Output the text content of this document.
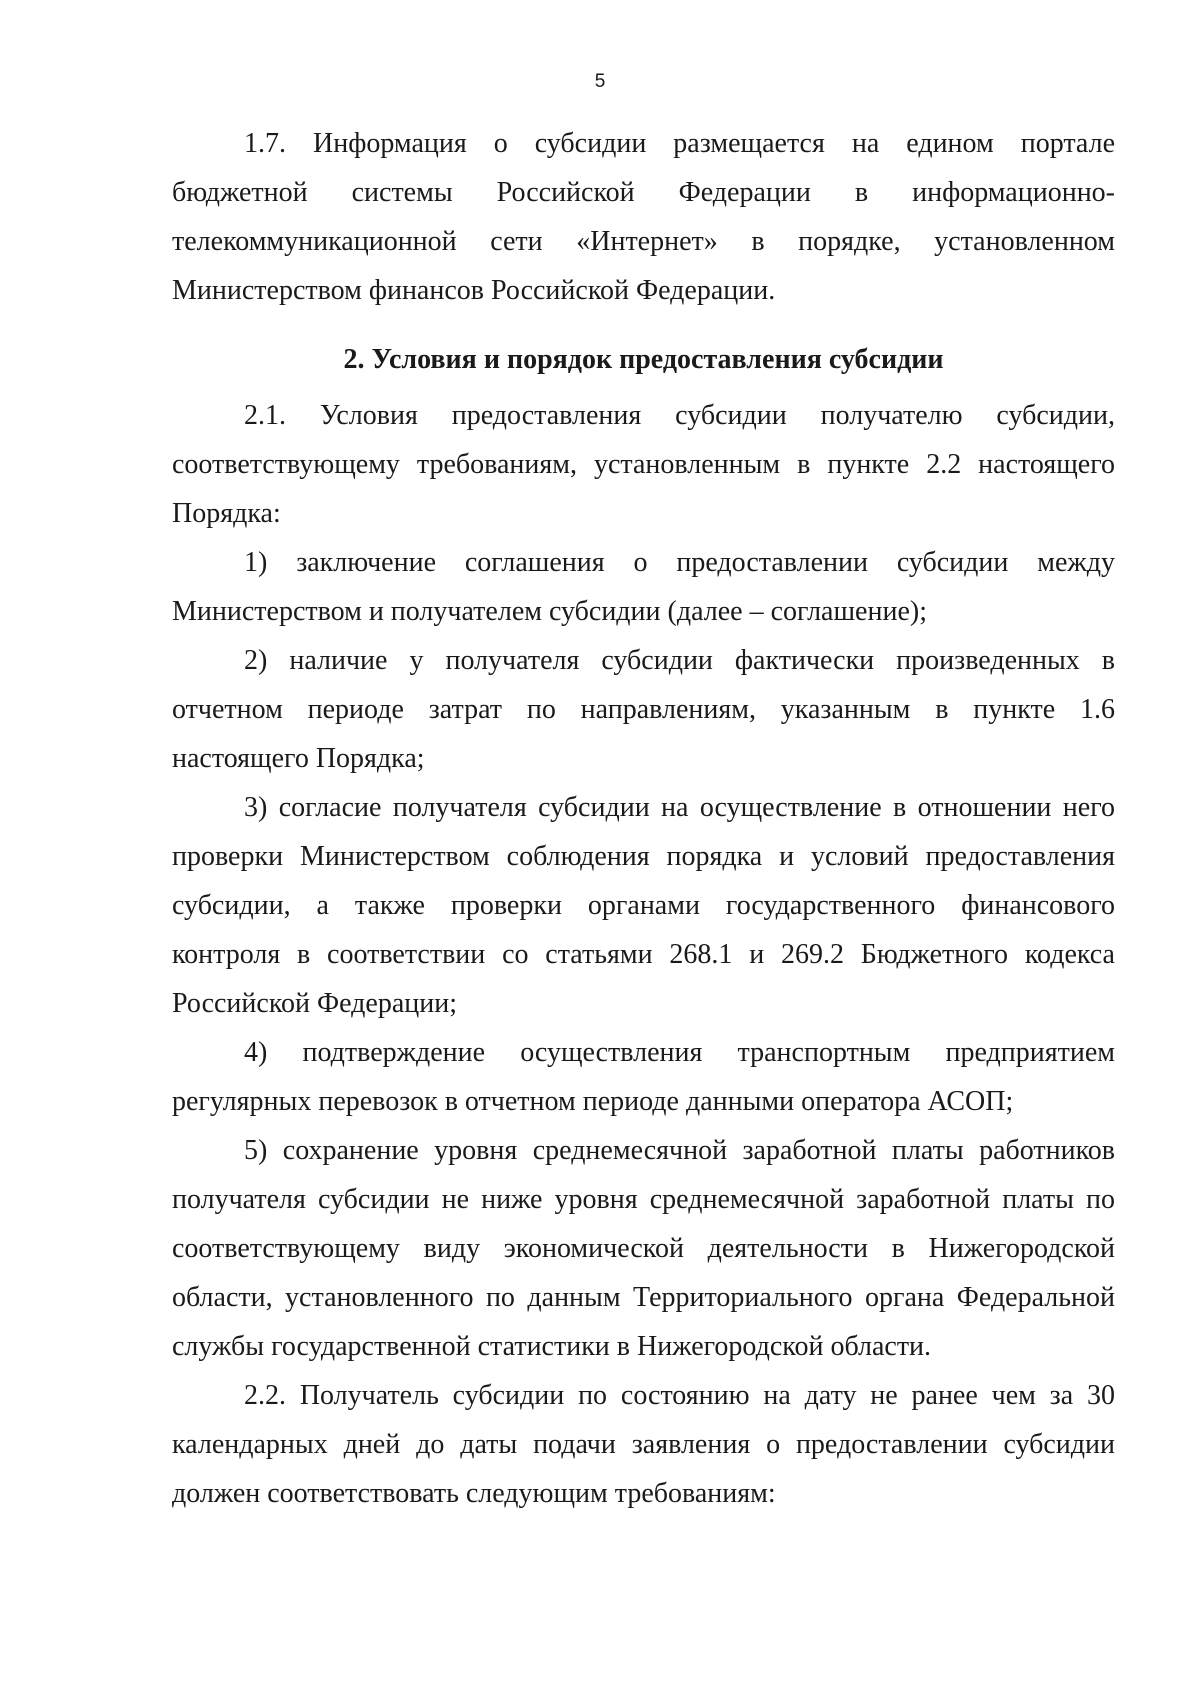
5

1.7. Информация о субсидии размещается на едином портале бюджетной системы Российской Федерации в информационно-телекоммуникационной сети «Интернет» в порядке, установленном Министерством финансов Российской Федерации.

2. Условия и порядок предоставления субсидии

2.1. Условия предоставления субсидии получателю субсидии, соответствующему требованиям, установленным в пункте 2.2 настоящего Порядка:

1) заключение соглашения о предоставлении субсидии между Министерством и получателем субсидии (далее – соглашение);

2) наличие у получателя субсидии фактически произведенных в отчетном периоде затрат по направлениям, указанным в пункте 1.6 настоящего Порядка;

3) согласие получателя субсидии на осуществление в отношении него проверки Министерством соблюдения порядка и условий предоставления субсидии, а также проверки органами государственного финансового контроля в соответствии со статьями 268.1 и 269.2 Бюджетного кодекса Российской Федерации;

4) подтверждение осуществления транспортным предприятием регулярных перевозок в отчетном периоде данными оператора АСОП;

5) сохранение уровня среднемесячной заработной платы работников получателя субсидии не ниже уровня среднемесячной заработной платы по соответствующему виду экономической деятельности в Нижегородской области, установленного по данным Территориального органа Федеральной службы государственной статистики в Нижегородской области.

2.2. Получатель субсидии по состоянию на дату не ранее чем за 30 календарных дней до даты подачи заявления о предоставлении субсидии должен соответствовать следующим требованиям:
